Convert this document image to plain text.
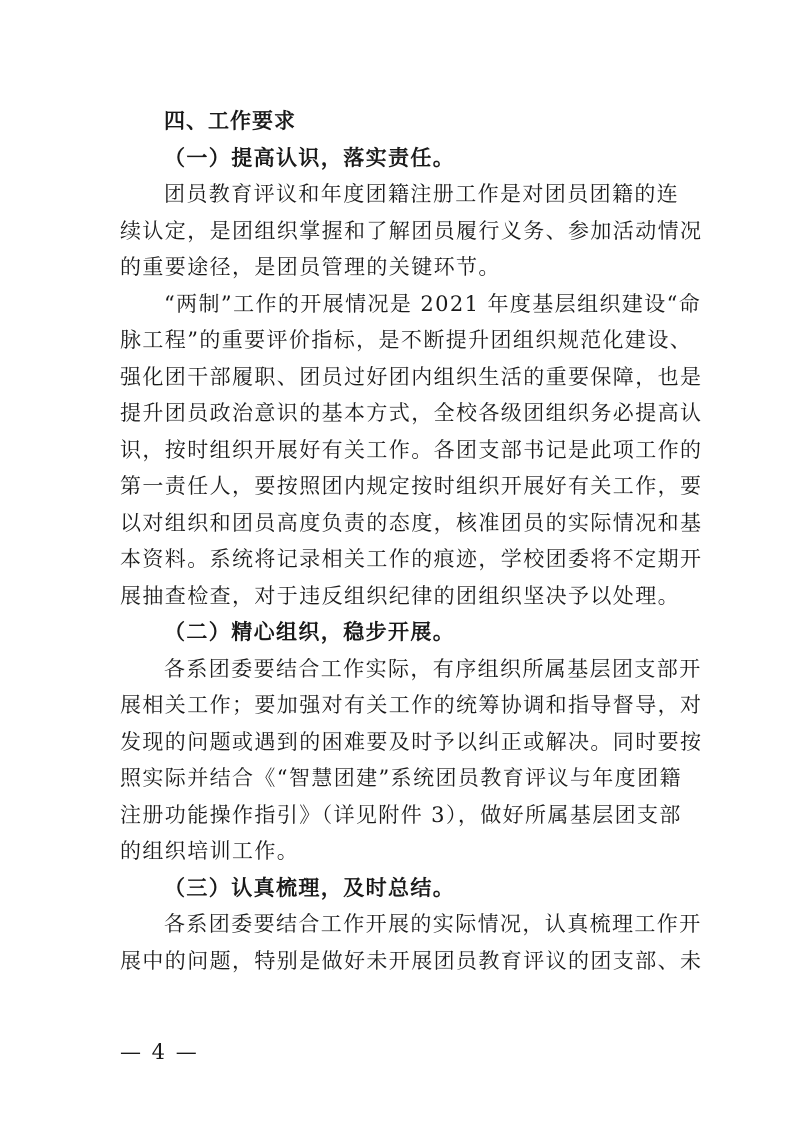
四、工作要求
（一）提高认识，落实责任。
团员教育评议和年度团籍注册工作是对团员团籍的连
续认定，是团组织掌握和了解团员履行义务、参加活动情况
的重要途径，是团员管理的关键环节。
“两制”工作的开展情况是 2021 年度基层组织建设“命
脉工程”的重要评价指标，是不断提升团组织规范化建设、
强化团干部履职、团员过好团内组织生活的重要保障，也是
提升团员政治意识的基本方式，全校各级团组织务必提高认
识，按时组织开展好有关工作。各团支部书记是此项工作的
第一责任人，要按照团内规定按时组织开展好有关工作，要
以对组织和团员高度负责的态度，核准团员的实际情况和基
本资料。系统将记录相关工作的痕迹，学校团委将不定期开
展抽查检查，对于违反组织纪律的团组织坚决予以处理。
（二）精心组织，稳步开展。
各系团委要结合工作实际，有序组织所属基层团支部开
展相关工作；要加强对有关工作的统筹协调和指导督导，对
发现的问题或遇到的困难要及时予以纠正或解决。同时要按
照实际并结合《“智慧团建”系统团员教育评议与年度团籍
注册功能操作指引》（详见附件 3），做好所属基层团支部
的组织培训工作。
（三）认真梳理，及时总结。
各系团委要结合工作开展的实际情况，认真梳理工作开
展中的问题，特别是做好未开展团员教育评议的团支部、未
— 4 —
